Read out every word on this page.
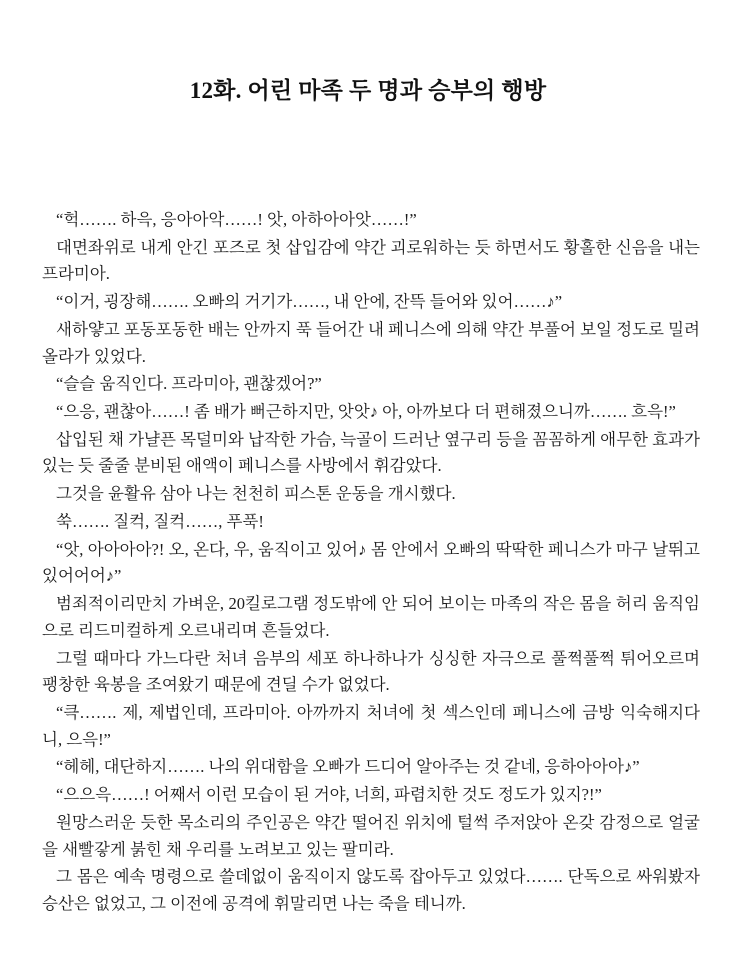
12화. 어린 마족 두 명과 승부의 행방

“헉……. 하윽, 응아아악……! 앗, 아하아아앗……!”

대면좌위로 내게 안긴 포즈로 첫 삽입감에 약간 괴로워하는 듯 하면서도 황홀한 신음을 내는 프라미아.

“이거, 굉장해……. 오빠의 거기가……, 내 안에, 잔뜩 들어와 있어……♪”

새하얗고 포동포동한 배는 안까지 푹 들어간 내 페니스에 의해 약간 부풀어 보일 정도로 밀려 올라가 있었다.

“슬슬 움직인다. 프라미아, 괜찮겠어?”

“으응, 괜찮아……! 좀 배가 뻐근하지만, 앗앗♪ 아, 아까보다 더 편해졌으니까……. 흐윽!”

삽입된 채 가냘픈 목덜미와 납작한 가슴, 늑골이 드러난 옆구리 등을 꼼꼼하게 애무한 효과가 있는 듯 줄줄 분비된 애액이 페니스를 사방에서 휘감았다.

그것을 윤활유 삼아 나는 천천히 피스톤 운동을 개시했다.

쑥……. 질컥, 질컥……, 푸푹!

“앗, 아아아아?! 오, 온다, 우, 움직이고 있어♪ 몸 안에서 오빠의 딱딱한 페니스가 마구 날뛰고 있어어어♪”

범죄적이리만치 가벼운, 20킬로그램 정도밖에 안 되어 보이는 마족의 작은 몸을 허리 움직임으로 리드미컬하게 오르내리며 흔들었다.

그럴 때마다 가느다란 처녀 음부의 세포 하나하나가 싱싱한 자극으로 풀쩍풀쩍 튀어오르며 팽창한 육봉을 조여왔기 때문에 견딜 수가 없었다.

“큭……. 제, 제법인데, 프라미아. 아까까지 처녀에 첫 섹스인데 페니스에 금방 익숙해지다니, 으윽!”

“헤헤, 대단하지……. 나의 위대함을 오빠가 드디어 알아주는 것 같네, 응하아아아♪”

“으으윽……! 어째서 이런 모습이 된 거야, 너희, 파렴치한 것도 정도가 있지?!”

원망스러운 듯한 목소리의 주인공은 약간 떨어진 위치에 털썩 주저앉아 온갖 감정으로 얼굴을 새빨갛게 붉힌 채 우리를 노려보고 있는 팔미라.

그 몸은 예속 명령으로 쓸데없이 움직이지 않도록 잡아두고 있었다……. 단독으로 싸워봤자 승산은 없었고, 그 이전에 공격에 휘말리면 나는 죽을 테니까.
